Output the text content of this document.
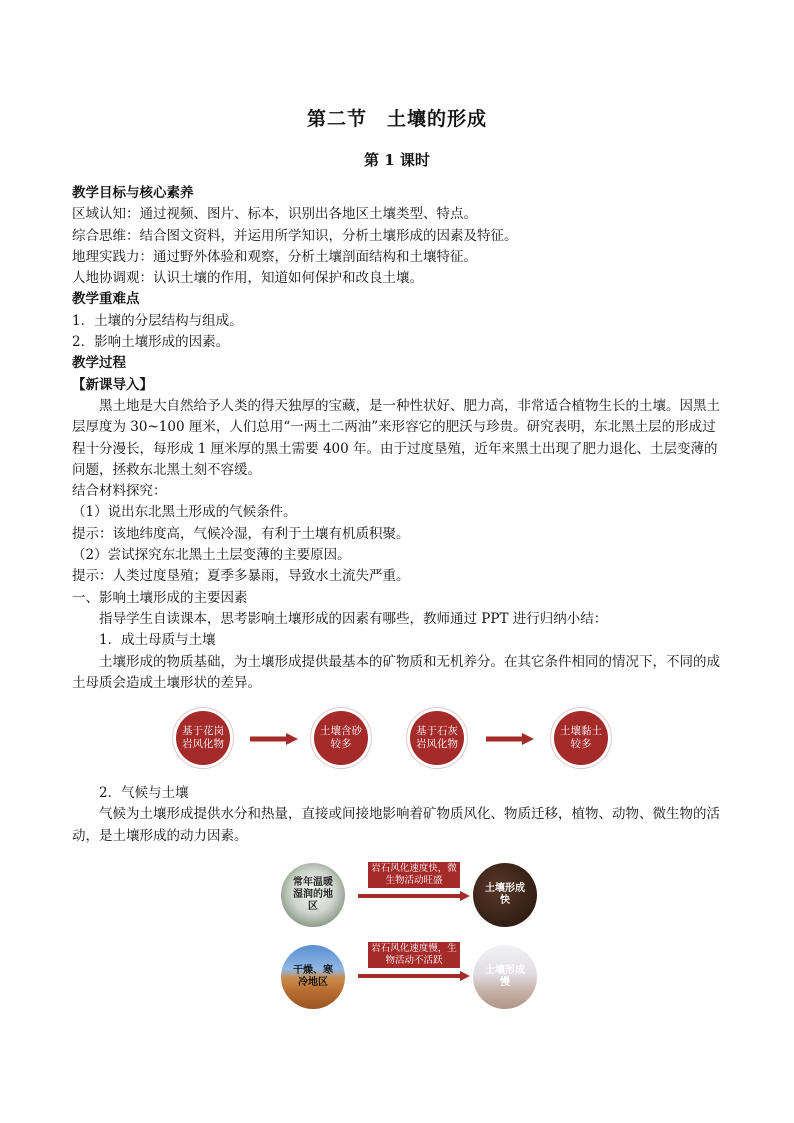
第二节　土壤的形成
第 1 课时

教学目标与核心素养

区域认知：通过视频、图片、标本，识别出各地区土壤类型、特点。

综合思维：结合图文资料，并运用所学知识，分析土壤形成的因素及特征。

地理实践力：通过野外体验和观察，分析土壤剖面结构和土壤特征。

人地协调观：认识土壤的作用，知道如何保护和改良土壤。

教学重难点

1．土壤的分层结构与组成。

2．影响土壤形成的因素。

教学过程

【新课导入】

黑土地是大自然给予人类的得天独厚的宝藏，是一种性状好、肥力高，非常适合植物生长的土壤。因黑土层厚度为 30~100 厘米，人们总用“一两土二两油”来形容它的肥沃与珍贵。研究表明，东北黑土层的形成过程十分漫长，每形成 1 厘米厚的黑土需要 400 年。由于过度垦殖，近年来黑土出现了肥力退化、土层变薄的问题，拯救东北黑土刻不容缓。

结合材料探究：

（1）说出东北黑土形成的气候条件。

提示：该地纬度高，气候冷湿，有利于土壤有机质积聚。

（2）尝试探究东北黑土土层变薄的主要原因。

提示：人类过度垦殖；夏季多暴雨，导致水土流失严重。

一、影响土壤形成的主要因素

指导学生自读课本，思考影响土壤形成的因素有哪些，教师通过 PPT 进行归纳小结：

1．成土母质与土壤

土壤形成的物质基础，为土壤形成提供最基本的矿物质和无机养分。在其它条件相同的情况下，不同的成土母质会造成土壤形状的差异。

基于花岗岩风化物
土壤含砂较多
基于石灰岩风化物
土壤黏土较多

2．气候与土壤

气候为土壤形成提供水分和热量，直接或间接地影响着矿物质风化、物质迁移，植物、动物、微生物的活动，是土壤形成的动力因素。

常年温暖湿润的地区
岩石风化速度快，微生物活动旺盛
土壤形成快
干燥、寒冷地区
岩石风化速度慢，生物活动不活跃
土壤形成慢
